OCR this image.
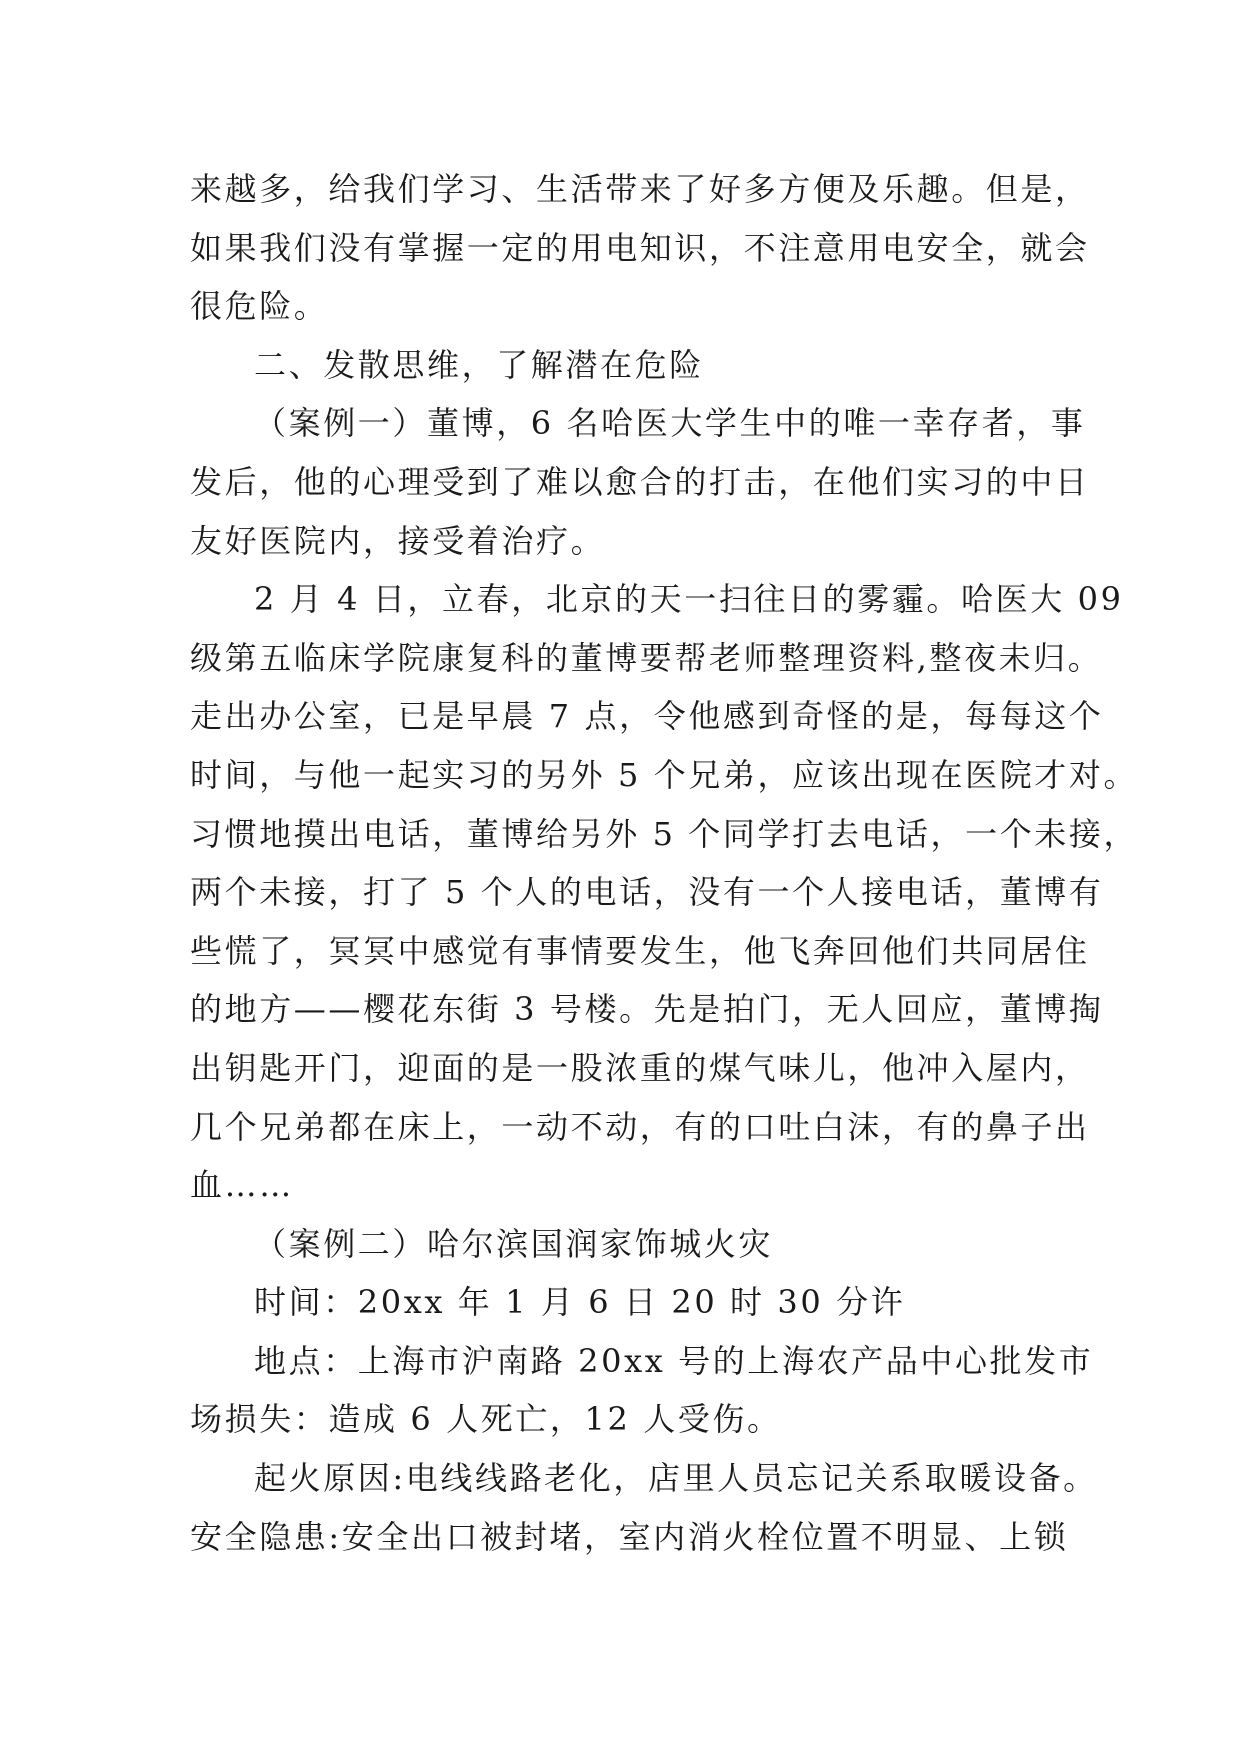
来越多，给我们学习、生活带来了好多方便及乐趣。但是，
如果我们没有掌握一定的用电知识，不注意用电安全，就会
很危险。
二、发散思维，了解潜在危险
（案例一）董博，6 名哈医大学生中的唯一幸存者，事
发后，他的心理受到了难以愈合的打击，在他们实习的中日
友好医院内，接受着治疗。
2 月 4 日，立春，北京的天一扫往日的雾霾。哈医大 09
级第五临床学院康复科的董博要帮老师整理资料,整夜未归。
走出办公室，已是早晨 7 点，令他感到奇怪的是，每每这个
时间，与他一起实习的另外 5 个兄弟，应该出现在医院才对。
习惯地摸出电话，董博给另外 5 个同学打去电话，一个未接，
两个未接，打了 5 个人的电话，没有一个人接电话，董博有
些慌了，冥冥中感觉有事情要发生，他飞奔回他们共同居住
的地方——樱花东街 3 号楼。先是拍门，无人回应，董博掏
出钥匙开门，迎面的是一股浓重的煤气味儿，他冲入屋内，
几个兄弟都在床上，一动不动，有的口吐白沫，有的鼻子出
血……
（案例二）哈尔滨国润家饰城火灾
时间：20xx 年 1 月 6 日 20 时 30 分许
地点：上海市沪南路 20xx 号的上海农产品中心批发市
场损失：造成 6 人死亡，12 人受伤。
起火原因:电线线路老化，店里人员忘记关系取暖设备。
安全隐患:安全出口被封堵，室内消火栓位置不明显、上锁
